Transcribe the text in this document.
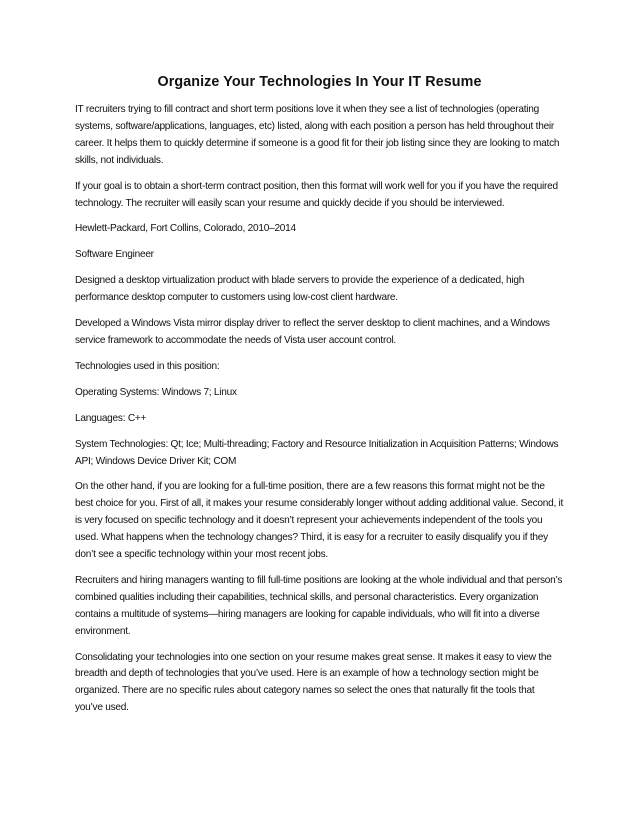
Organize Your Technologies In Your IT Resume

IT recruiters trying to fill contract and short term positions love it when they see a list of technologies (operating systems, software/applications, languages, etc) listed, along with each position a person has held throughout their career. It helps them to quickly determine if someone is a good fit for their job listing since they are looking to match skills, not individuals.

If your goal is to obtain a short-term contract position, then this format will work well for you if you have the required technology. The recruiter will easily scan your resume and quickly decide if you should be interviewed.

Hewlett-Packard, Fort Collins, Colorado, 2010–2014

Software Engineer

Designed a desktop virtualization product with blade servers to provide the experience of a dedicated, high performance desktop computer to customers using low-cost client hardware.

Developed a Windows Vista mirror display driver to reflect the server desktop to client machines, and a Windows service framework to accommodate the needs of Vista user account control.

Technologies used in this position:

Operating Systems: Windows 7; Linux

Languages: C++

System Technologies: Qt; Ice; Multi-threading; Factory and Resource Initialization in Acquisition Patterns; Windows API; Windows Device Driver Kit; COM

On the other hand, if you are looking for a full-time position, there are a few reasons this format might not be the best choice for you. First of all, it makes your resume considerably longer without adding additional value. Second, it is very focused on specific technology and it doesn’t represent your achievements independent of the tools you used. What happens when the technology changes? Third, it is easy for a recruiter to easily disqualify you if they don’t see a specific technology within your most recent jobs.

Recruiters and hiring managers wanting to fill full-time positions are looking at the whole individual and that person’s combined qualities including their capabilities, technical skills, and personal characteristics. Every organization contains a multitude of systems—hiring managers are looking for capable individuals, who will fit into a diverse environment.

Consolidating your technologies into one section on your resume makes great sense. It makes it easy to view the breadth and depth of technologies that you’ve used. Here is an example of how a technology section might be organized. There are no specific rules about category names so select the ones that naturally fit the tools that you’ve used.
